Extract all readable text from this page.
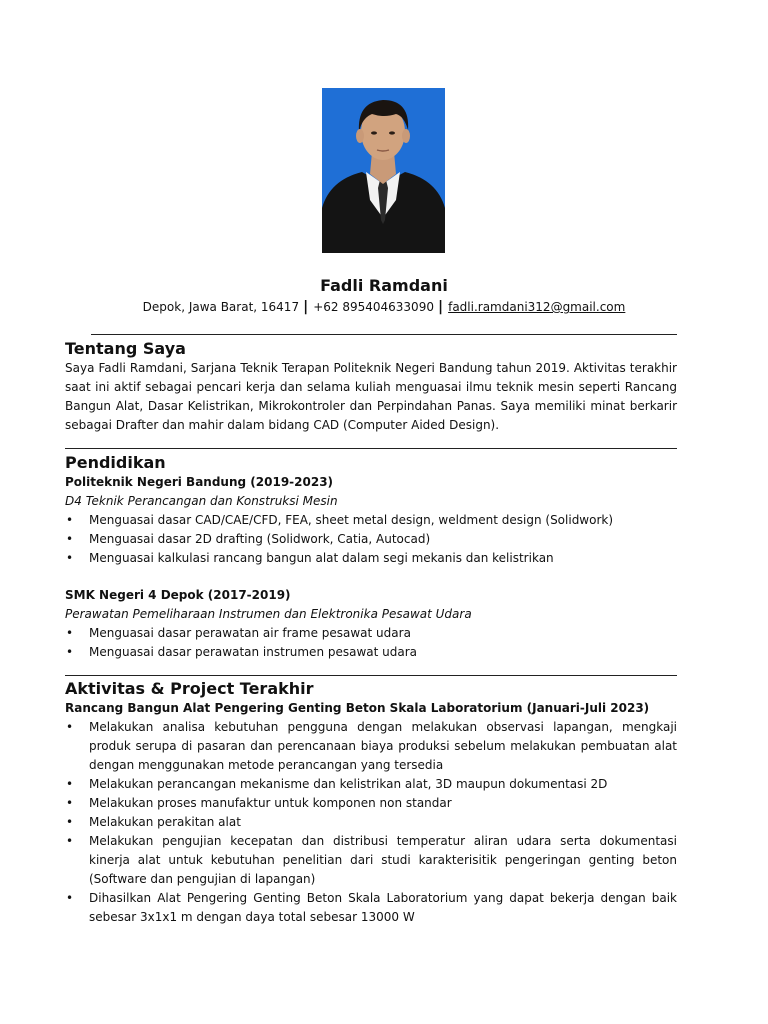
Fadli Ramdani
Depok, Jawa Barat, 16417 | +62 895404633090 | fadli.ramdani312@gmail.com
Tentang Saya

Saya Fadli Ramdani, Sarjana Teknik Terapan Politeknik Negeri Bandung tahun 2019. Aktivitas terakhir saat ini aktif sebagai pencari kerja dan selama kuliah menguasai ilmu teknik mesin seperti Rancang Bangun Alat, Dasar Kelistrikan, Mikrokontroler dan Perpindahan Panas. Saya memiliki minat berkarir sebagai Drafter dan mahir dalam bidang CAD (Computer Aided Design).

Pendidikan

Politeknik Negeri Bandung (2019-2023)

D4 Teknik Perancangan dan Konstruksi Mesin

• Menguasai dasar CAD/CAE/CFD, FEA, sheet metal design, weldment design (Solidwork)
• Menguasai dasar 2D drafting (Solidwork, Catia, Autocad)
• Menguasai kalkulasi rancang bangun alat dalam segi mekanis dan kelistrikan

SMK Negeri 4 Depok (2017-2019)

Perawatan Pemeliharaan Instrumen dan Elektronika Pesawat Udara

• Menguasai dasar perawatan air frame pesawat udara
• Menguasai dasar perawatan instrumen pesawat udara
Aktivitas & Project Terakhir

Rancang Bangun Alat Pengering Genting Beton Skala Laboratorium (Januari-Juli 2023)

• Melakukan analisa kebutuhan pengguna dengan melakukan observasi lapangan, mengkaji produk serupa di pasaran dan perencanaan biaya produksi sebelum melakukan pembuatan alat dengan menggunakan metode perancangan yang tersedia
• Melakukan perancangan mekanisme dan kelistrikan alat, 3D maupun dokumentasi 2D
• Melakukan proses manufaktur untuk komponen non standar
• Melakukan perakitan alat
• Melakukan pengujian kecepatan dan distribusi temperatur aliran udara serta dokumentasi kinerja alat untuk kebutuhan penelitian dari studi karakterisitik pengeringan genting beton (Software dan pengujian di lapangan)
• Dihasilkan Alat Pengering Genting Beton Skala Laboratorium yang dapat bekerja dengan baik sebesar 3x1x1 m dengan daya total sebesar 13000 W
